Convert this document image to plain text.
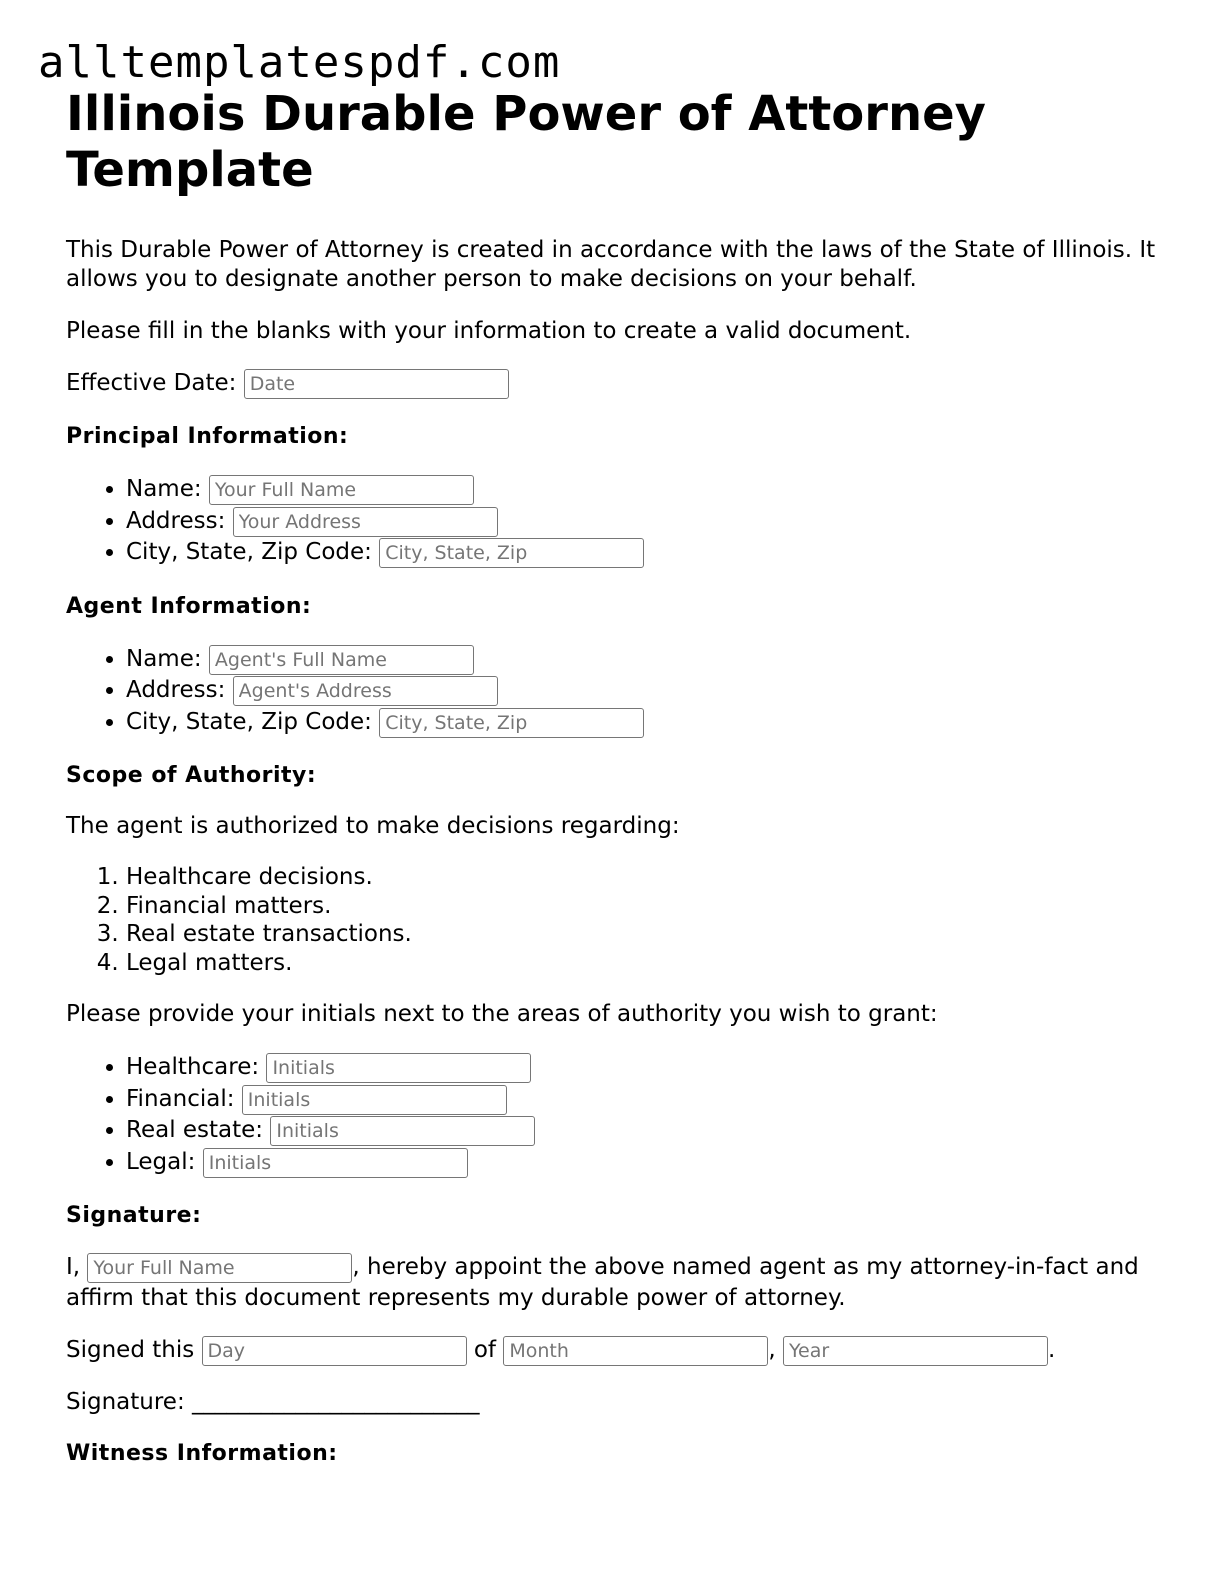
alltemplatespdf.com
Illinois Durable Power of Attorney Template

This Durable Power of Attorney is created in accordance with the laws of the State of Illinois. It allows you to designate another person to make decisions on your behalf.

Please fill in the blanks with your information to create a valid document.

Effective Date: Date

Principal Information:
• Name: Your Full Name
• Address: Your Address
• City, State, Zip Code: City, State, Zip
Agent Information:
• Name: Agent's Full Name
• Address: Agent's Address
• City, State, Zip Code: City, State, Zip
Scope of Authority:

The agent is authorized to make decisions regarding:

1. Healthcare decisions.
2. Financial matters.
3. Real estate transactions.
4. Legal matters.

Please provide your initials next to the areas of authority you wish to grant:

• Healthcare: Initials
• Financial: Initials
• Real estate: Initials
• Legal: Initials
Signature:

I, Your Full Name	, hereby appoint the above named agent as my attorney-in-fact and affirm that this document represents my durable power of attorney.

Signed this Day	of Month	, Year	.

Signature: _________________________

Witness Information:
